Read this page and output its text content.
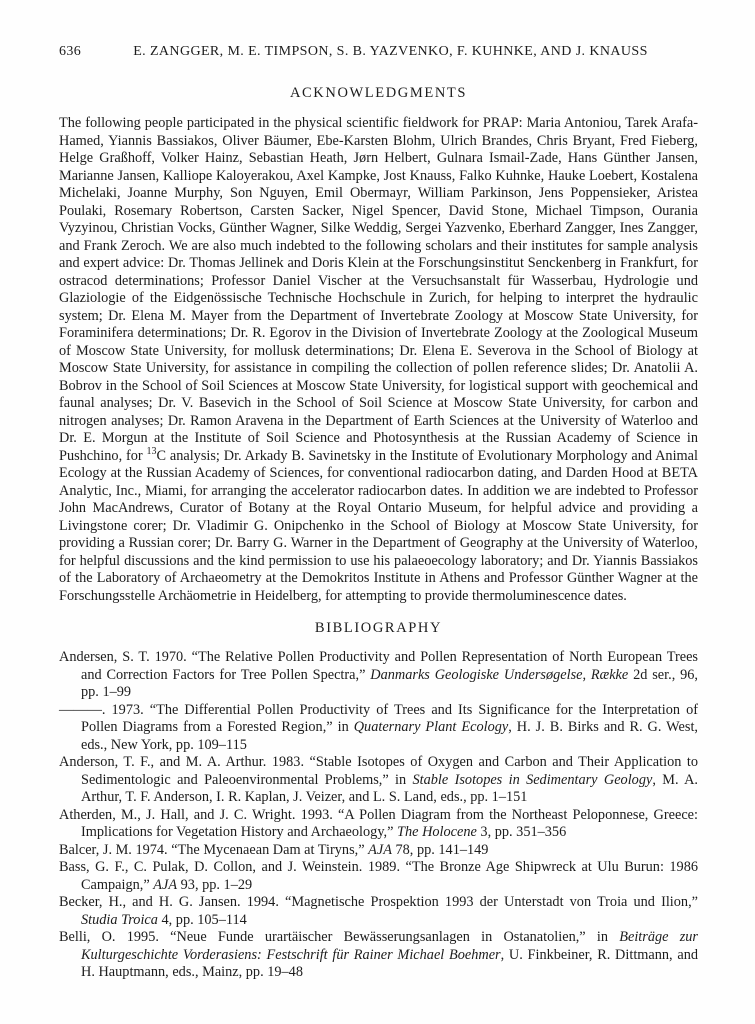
636	E. ZANGGER, M. E. TIMPSON, S. B. YAZVENKO, F. KUHNKE, AND J. KNAUSS
ACKNOWLEDGMENTS

The following people participated in the physical scientific fieldwork for PRAP: Maria Antoniou, Tarek Arafa-Hamed, Yiannis Bassiakos, Oliver Bäumer, Ebe-Karsten Blohm, Ulrich Brandes, Chris Bryant, Fred Fieberg, Helge Graßhoff, Volker Hainz, Sebastian Heath, Jørn Helbert, Gulnara Ismail-Zade, Hans Günther Jansen, Marianne Jansen, Kalliope Kaloyerakou, Axel Kampke, Jost Knauss, Falko Kuhnke, Hauke Loebert, Kostalena Michelaki, Joanne Murphy, Son Nguyen, Emil Obermayr, William Parkinson, Jens Poppensieker, Aristea Poulaki, Rosemary Robertson, Carsten Sacker, Nigel Spencer, David Stone, Michael Timpson, Ourania Vyzyinou, Christian Vocks, Günther Wagner, Silke Weddig, Sergei Yazvenko, Eberhard Zangger, Ines Zangger, and Frank Zeroch. We are also much indebted to the following scholars and their institutes for sample analysis and expert advice: Dr. Thomas Jellinek and Doris Klein at the Forschungsinstitut Senckenberg in Frankfurt, for ostracod determinations; Professor Daniel Vischer at the Versuchsanstalt für Wasserbau, Hydrologie und Glaziologie of the Eidgenössische Technische Hochschule in Zurich, for helping to interpret the hydraulic system; Dr. Elena M. Mayer from the Department of Invertebrate Zoology at Moscow State University, for Foraminifera determinations; Dr. R. Egorov in the Division of Invertebrate Zoology at the Zoological Museum of Moscow State University, for mollusk determinations; Dr. Elena E. Severova in the School of Biology at Moscow State University, for assistance in compiling the collection of pollen reference slides; Dr. Anatolii A. Bobrov in the School of Soil Sciences at Moscow State University, for logistical support with geochemical and faunal analyses; Dr. V. Basevich in the School of Soil Science at Moscow State University, for carbon and nitrogen analyses; Dr. Ramon Aravena in the Department of Earth Sciences at the University of Waterloo and Dr. E. Morgun at the Institute of Soil Science and Photosynthesis at the Russian Academy of Science in Pushchino, for $^{13}$C analysis; Dr. Arkady B. Savinetsky in the Institute of Evolutionary Morphology and Animal Ecology at the Russian Academy of Sciences, for conventional radiocarbon dating, and Darden Hood at BETA Analytic, Inc., Miami, for arranging the accelerator radiocarbon dates. In addition we are indebted to Professor John MacAndrews, Curator of Botany at the Royal Ontario Museum, for helpful advice and providing a Livingstone corer; Dr. Vladimir G. Onipchenko in the School of Biology at Moscow State University, for providing a Russian corer; Dr. Barry G. Warner in the Department of Geography at the University of Waterloo, for helpful discussions and the kind permission to use his palaeoecology laboratory; and Dr. Yiannis Bassiakos of the Laboratory of Archaeometry at the Demokritos Institute in Athens and Professor Günther Wagner at the Forschungsstelle Archäometrie in Heidelberg, for attempting to provide thermoluminescence dates.

BIBLIOGRAPHY

Andersen, S. T. 1970. “The Relative Pollen Productivity and Pollen Representation of North European Trees and Correction Factors for Tree Pollen Spectra,” Danmarks Geologiske Undersøgelse, Række 2d ser., 96, pp. 1–99

———. 1973. “The Differential Pollen Productivity of Trees and Its Significance for the Interpretation of Pollen Diagrams from a Forested Region,” in Quaternary Plant Ecology, H. J. B. Birks and R. G. West, eds., New York, pp. 109–115

Anderson, T. F., and M. A. Arthur. 1983. “Stable Isotopes of Oxygen and Carbon and Their Application to Sedimentologic and Paleoenvironmental Problems,” in Stable Isotopes in Sedimentary Geology, M. A. Arthur, T. F. Anderson, I. R. Kaplan, J. Veizer, and L. S. Land, eds., pp. 1–151

Atherden, M., J. Hall, and J. C. Wright. 1993. “A Pollen Diagram from the Northeast Peloponnese, Greece: Implications for Vegetation History and Archaeology,” The Holocene 3, pp. 351–356

Balcer, J. M. 1974. “The Mycenaean Dam at Tiryns,” AJA 78, pp. 141–149

Bass, G. F., C. Pulak, D. Collon, and J. Weinstein. 1989. “The Bronze Age Shipwreck at Ulu Burun: 1986 Campaign,” AJA 93, pp. 1–29

Becker, H., and H. G. Jansen. 1994. “Magnetische Prospektion 1993 der Unterstadt von Troia und Ilion,” Studia Troica 4, pp. 105–114

Belli, O. 1995. “Neue Funde urartäischer Bewässerungsanlagen in Ostanatolien,” in Beiträge zur Kulturgeschichte Vorderasiens: Festschrift für Rainer Michael Boehmer, U. Finkbeiner, R. Dittmann, and H. Hauptmann, eds., Mainz, pp. 19–48
